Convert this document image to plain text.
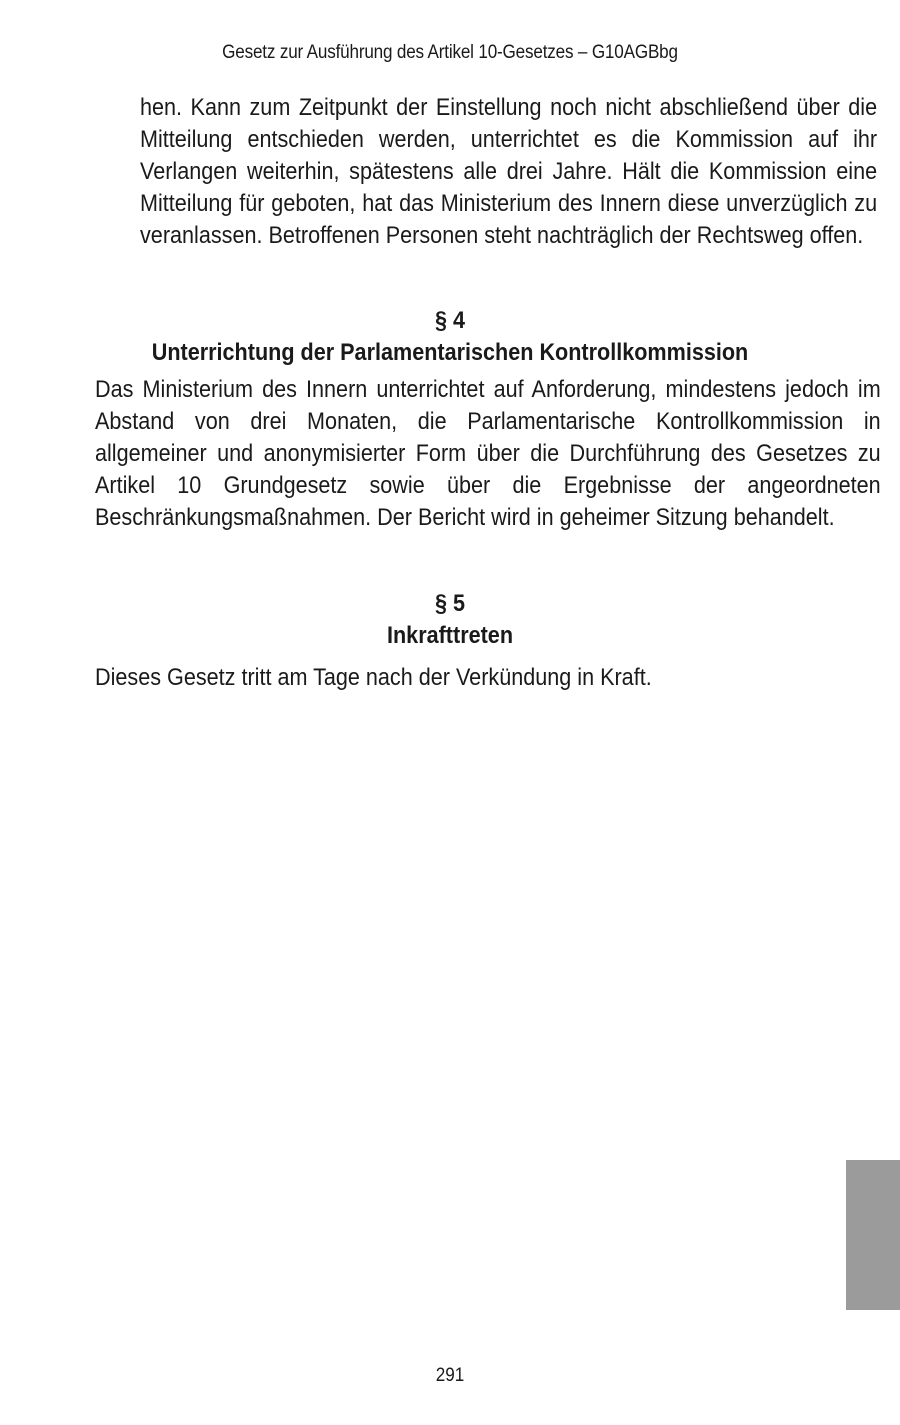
Gesetz zur Ausführung des Artikel 10-Gesetzes – G10AGBbg

hen. Kann zum Zeitpunkt der Einstellung noch nicht abschließend über die Mitteilung entschieden werden, unterrichtet es die Kommission auf ihr Verlangen weiterhin, spätestens alle drei Jahre. Hält die Kommission eine Mitteilung für geboten, hat das Ministerium des Innern diese unverzüglich zu veranlassen. Betroffenen Personen steht nachträglich der Rechtsweg offen.

§ 4
Unterrichtung der Parlamentarischen Kontrollkommission

Das Ministerium des Innern unterrichtet auf Anforderung, mindestens jedoch im Abstand von drei Monaten, die Parlamentarische Kontrollkommission in allgemeiner und anonymisierter Form über die Durchführung des Gesetzes zu Artikel 10 Grundgesetz sowie über die Ergebnisse der angeordneten Beschränkungsmaßnahmen. Der Bericht wird in geheimer Sitzung behandelt.

§ 5
Inkrafttreten

Dieses Gesetz tritt am Tage nach der Verkündung in Kraft.

291
